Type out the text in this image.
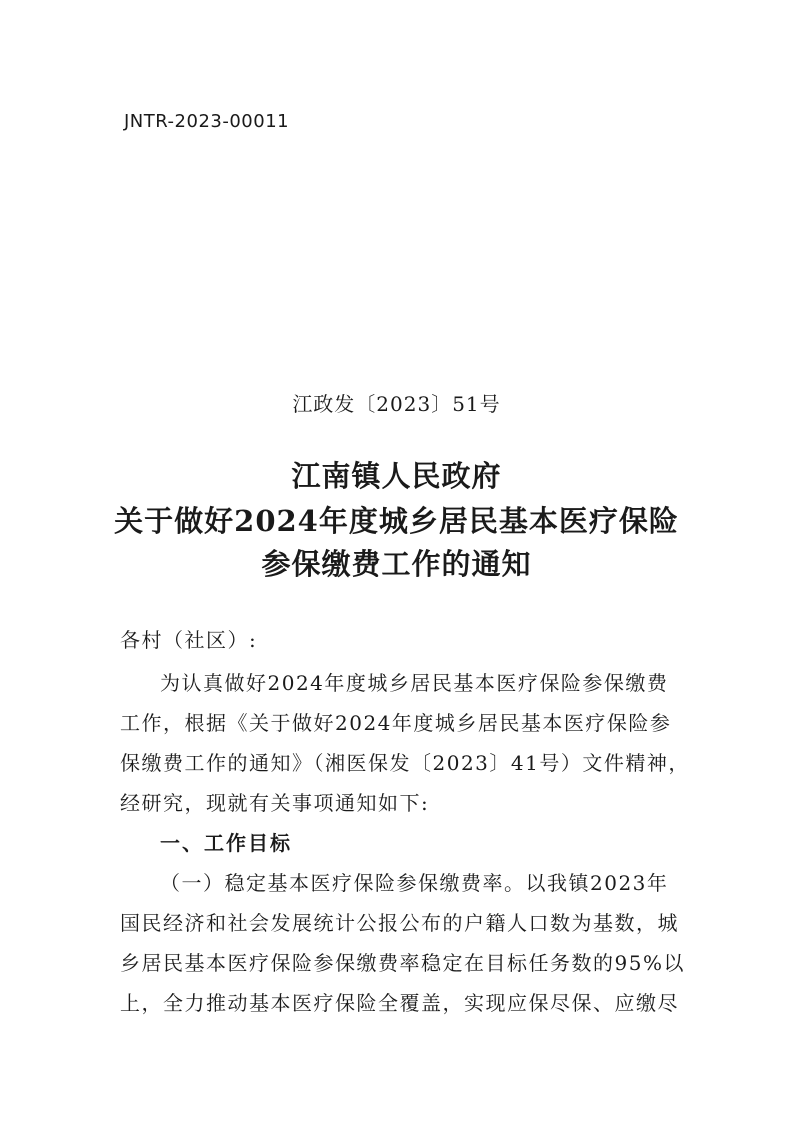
JNTR-2023-00011
江政发〔2023〕51号
江南镇人民政府
关于做好2024年度城乡居民基本医疗保险
参保缴费工作的通知
各村（社区）:
为认真做好2024年度城乡居民基本医疗保险参保缴费
工作，根据《关于做好2024年度城乡居民基本医疗保险参
保缴费工作的通知》（湘医保发〔2023〕41号）文件精神，
经研究，现就有关事项通知如下:
一、工作目标
（一）稳定基本医疗保险参保缴费率。以我镇2023年
国民经济和社会发展统计公报公布的户籍人口数为基数，城
乡居民基本医疗保险参保缴费率稳定在目标任务数的95%以
上，全力推动基本医疗保险全覆盖，实现应保尽保、应缴尽
